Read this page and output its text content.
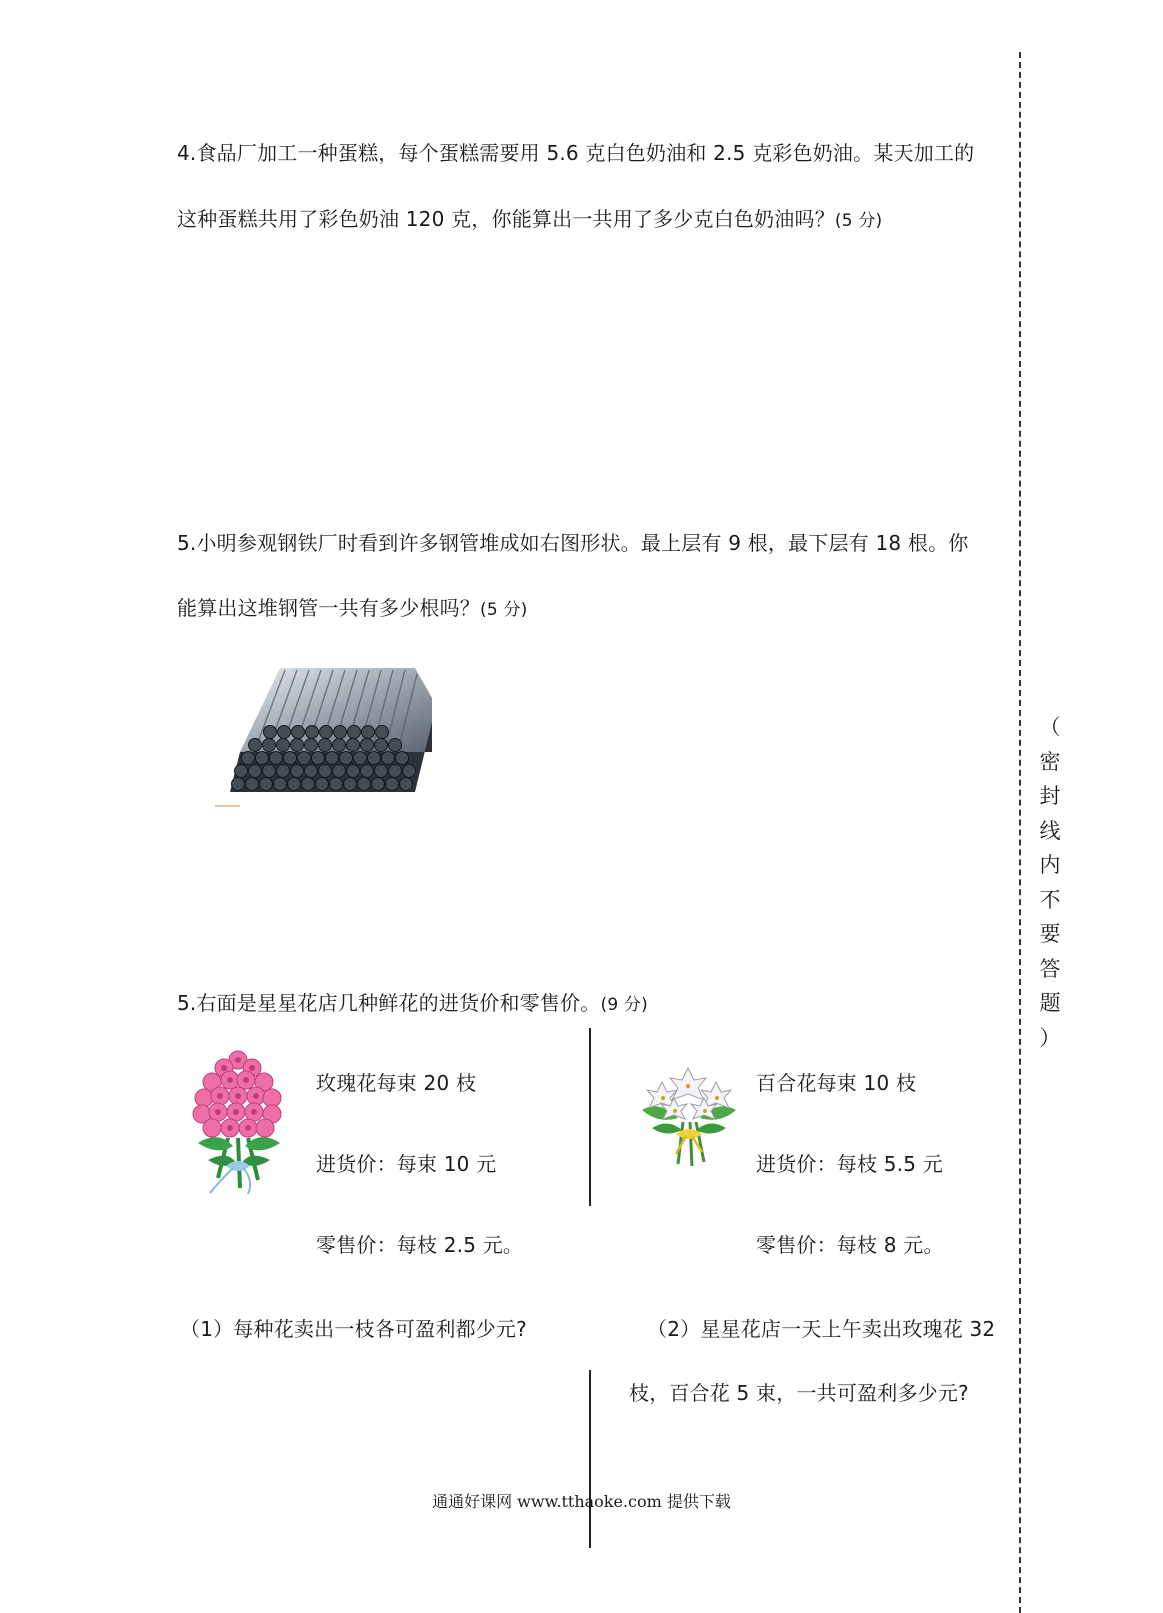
（
密
封
线
内
不
要
答
题
）
4.食品厂加工一种蛋糕，每个蛋糕需要用 5.6 克白色奶油和 2.5 克彩色奶油。某天加工的
这种蛋糕共用了彩色奶油 120 克，你能算出一共用了多少克白色奶油吗？(5 分)
5.小明参观钢铁厂时看到许多钢管堆成如右图形状。最上层有 9 根，最下层有 18 根。你
能算出这堆钢管一共有多少根吗？(5 分)
5.右面是星星花店几种鲜花的进货价和零售价。(9 分)
玫瑰花每束 20 枝
进货价：每束 10 元
零售价：每枝 2.5 元。
百合花每束 10 枝
进货价：每枝 5.5 元
零售价：每枝 8 元。
（1）每种花卖出一枝各可盈利都少元?	（2）星星花店一天上午卖出玫瑰花 32
枝，百合花 5 束，一共可盈利多少元?
通通好课网 www.tthaoke.com 提供下载
